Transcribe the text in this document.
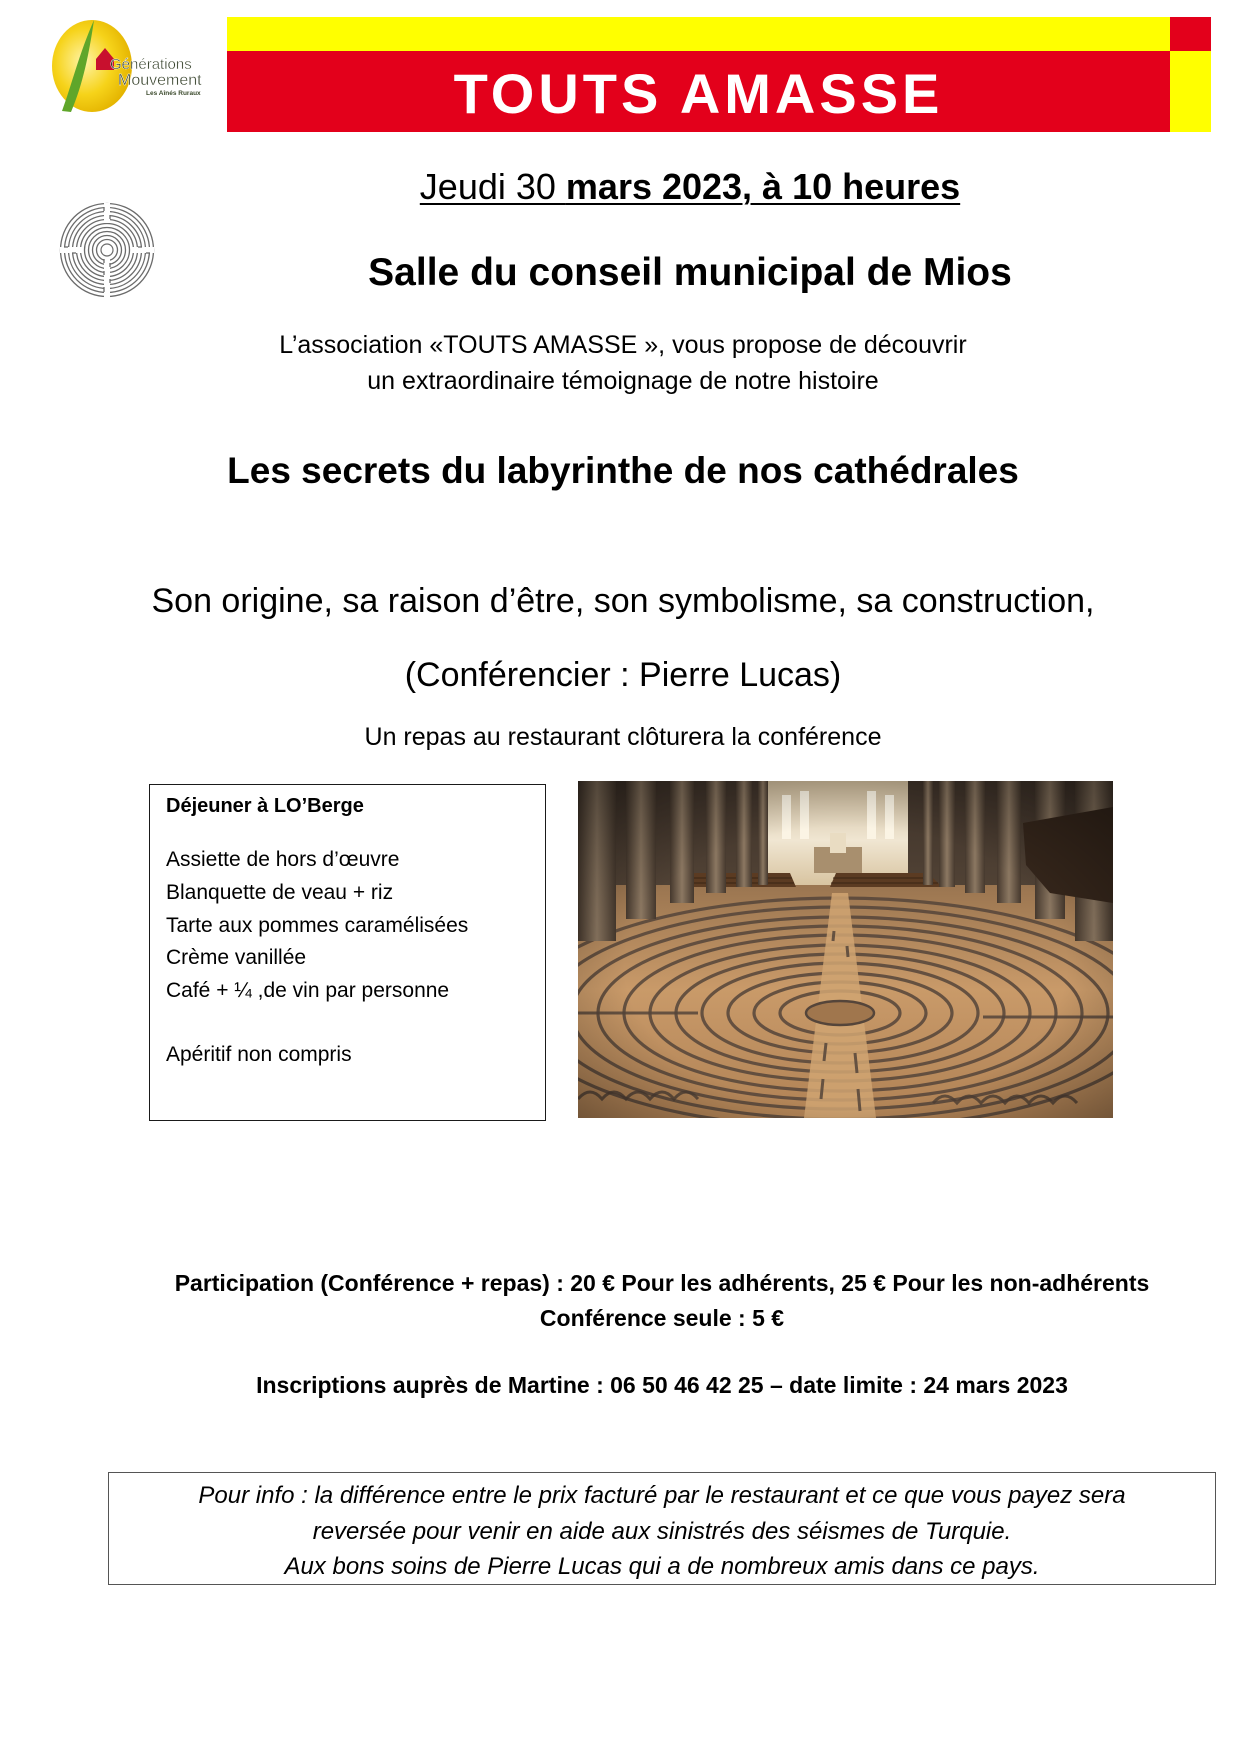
Générations
Mouvement
Les Aînés Ruraux	TOUTS AMASSE
Jeudi 30 mars 2023, à 10 heures
Salle du conseil municipal de Mios
L’association «TOUTS AMASSE », vous propose de découvrir
un extraordinaire témoignage de notre histoire
Les secrets du labyrinthe de nos cathédrales
Son origine, sa raison d’être, son symbolisme, sa construction,
(Conférencier : Pierre Lucas)
Un repas au restaurant clôturera la conférence
Déjeuner à LO’Berge
Assiette de hors d’œuvre
Blanquette de veau + riz
Tarte aux pommes caramélisées
Crème vanillée
Café + ¼ ,de vin par personne
Apéritif non compris
Participation (Conférence + repas) : 20 € Pour les adhérents, 25 € Pour les non-adhérents
Conférence seule : 5 €
Inscriptions auprès de Martine : 06 50 46 42 25 – date limite : 24 mars 2023
Pour info : la différence entre le prix facturé par le restaurant et ce que vous payez sera
reversée pour venir en aide aux sinistrés des séismes de Turquie.
Aux bons soins de Pierre Lucas qui a de nombreux amis dans ce pays.
